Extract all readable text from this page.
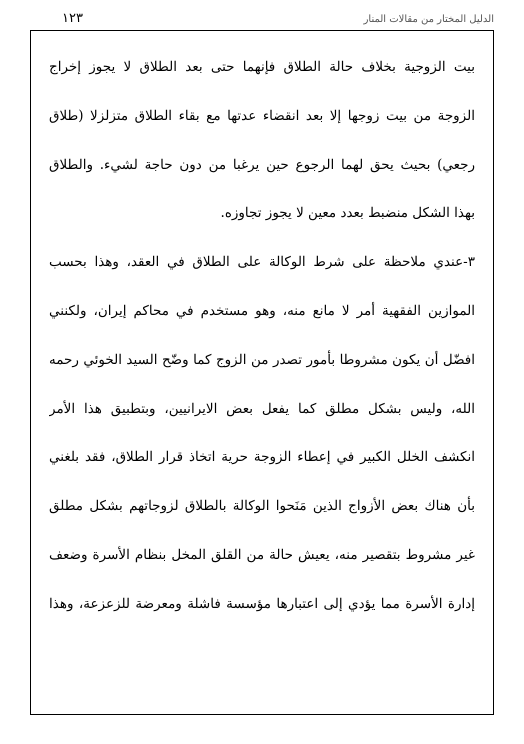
١٢٣	الدليل المختار من مقالات المنار
بيت الزوجية بخلاف حالة الطلاق فإنهما حتى بعد الطلاق لا يجوز إخراج
الزوجة من بيت زوجها إلا بعد انقضاء عدتها مع بقاء الطلاق متزلزلا (طلاق
رجعي) بحيث يحق لهما الرجوع حين يرغبا من دون حاجة لشيء. والطلاق
بهذا الشكل منضبط بعدد معين لا يجوز تجاوزه.
٣-عندي ملاحظة على شرط الوكالة على الطلاق في العقد، وهذا بحسب
الموازين الفقهية أمر لا مانع منه، وهو مستخدم في محاكم إيران، ولكنني
افضّل أن يكون مشروطا بأمور تصدر من الزوج كما وضّح السيد الخوئي رحمه
الله، وليس بشكل مطلق كما يفعل بعض الايرانيين، وبتطبيق هذا الأمر
انكشف الخلل الكبير في إعطاء الزوجة حرية اتخاذ قرار الطلاق، فقد بلغني
بأن هناك بعض الأزواج الذين مَنَحوا الوكالة بالطلاق لزوجاتهم بشكل مطلق
غير مشروط بتقصير منه، يعيش حالة من القلق المخل بنظام الأسرة وضعف
إدارة الأسرة مما يؤدي إلى اعتبارها مؤسسة فاشلة ومعرضة للزعزعة، وهذا
